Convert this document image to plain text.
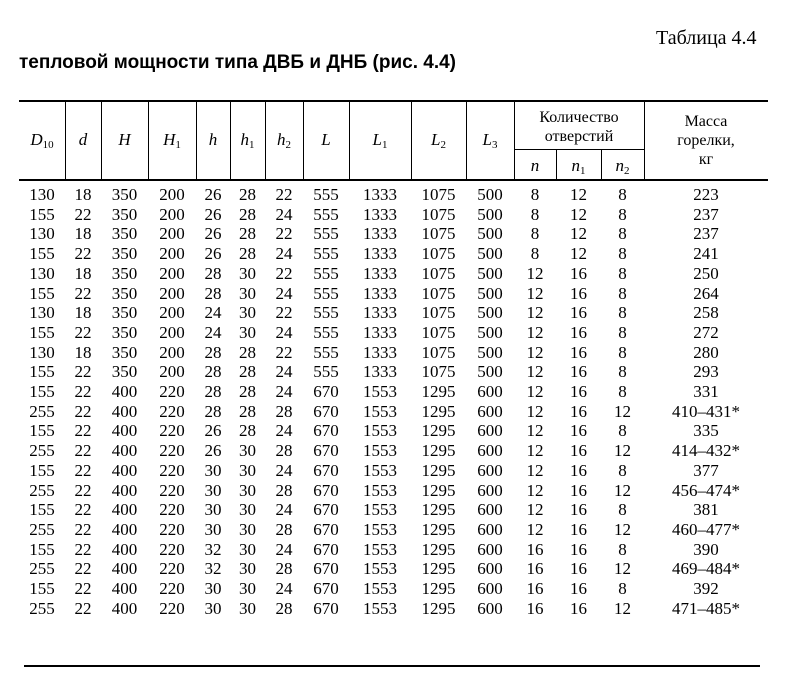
Таблица 4.4
тепловой мощности типа ДВБ и ДНБ (рис. 4.4)
$D_{10}$	d	H	$H_1$	h	$h_1$	$h_2$	L	$L_1$	$L_2$	$L_3$
Количество
отверстий
n	$n_1$	$n_2$
Масса
горелки,
кг
130	18	350	200	26	28	22	555	1333	1075	500	8	12	8	223
155	22	350	200	26	28	24	555	1333	1075	500	8	12	8	237
130	18	350	200	26	28	22	555	1333	1075	500	8	12	8	237
155	22	350	200	26	28	24	555	1333	1075	500	8	12	8	241
130	18	350	200	28	30	22	555	1333	1075	500	12	16	8	250
155	22	350	200	28	30	24	555	1333	1075	500	12	16	8	264
130	18	350	200	24	30	22	555	1333	1075	500	12	16	8	258
155	22	350	200	24	30	24	555	1333	1075	500	12	16	8	272
130	18	350	200	28	28	22	555	1333	1075	500	12	16	8	280
155	22	350	200	28	28	24	555	1333	1075	500	12	16	8	293
155	22	400	220	28	28	24	670	1553	1295	600	12	16	8	331
255	22	400	220	28	28	28	670	1553	1295	600	12	16	12	410–431*
155	22	400	220	26	28	24	670	1553	1295	600	12	16	8	335
255	22	400	220	26	30	28	670	1553	1295	600	12	16	12	414–432*
155	22	400	220	30	30	24	670	1553	1295	600	12	16	8	377
255	22	400	220	30	30	28	670	1553	1295	600	12	16	12	456–474*
155	22	400	220	30	30	24	670	1553	1295	600	12	16	8	381
255	22	400	220	30	30	28	670	1553	1295	600	12	16	12	460–477*
155	22	400	220	32	30	24	670	1553	1295	600	16	16	8	390
255	22	400	220	32	30	28	670	1553	1295	600	16	16	12	469–484*
155	22	400	220	30	30	24	670	1553	1295	600	16	16	8	392
255	22	400	220	30	30	28	670	1553	1295	600	16	16	12	471–485*
